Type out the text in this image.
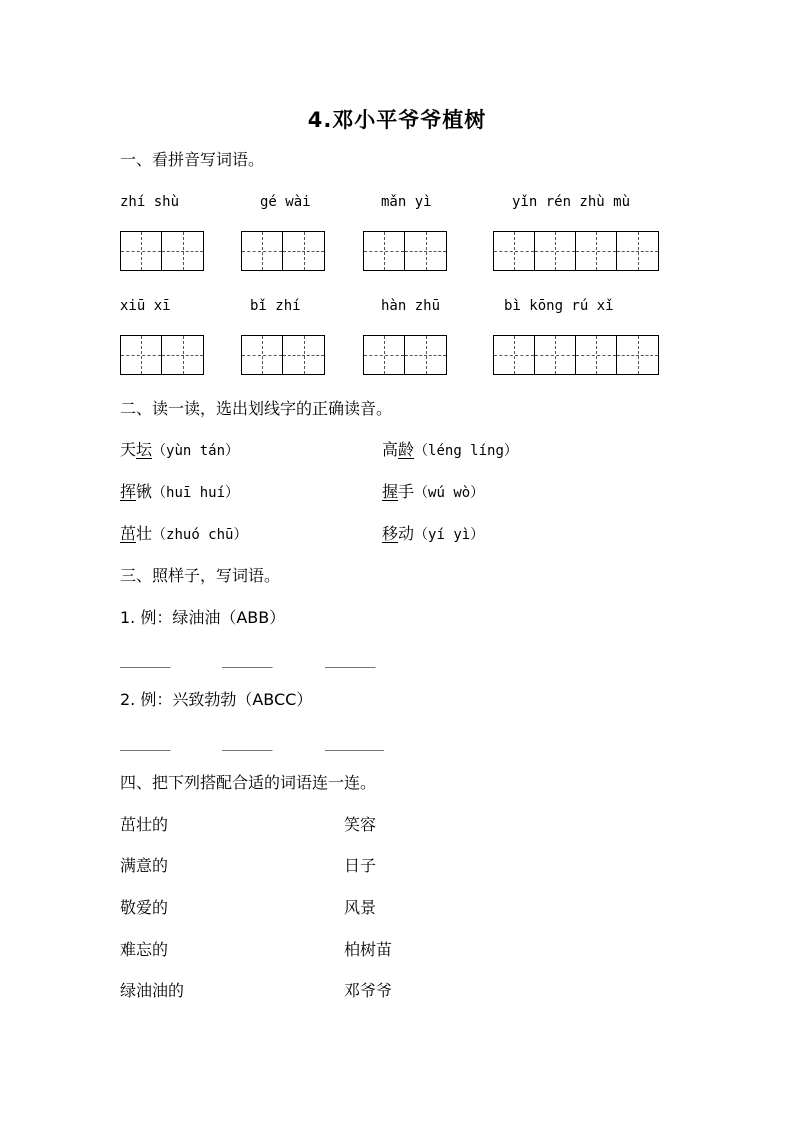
4.邓小平爷爷植树
一、看拼音写词语。
zhí shù	gé wài	mǎn yì	yǐn rén zhù mù
xiū xī	bǐ zhí	hàn zhū	bì kōng rú xǐ
二、读一读，选出划线字的正确读音。
天坛（yùn tán）	高龄（léng líng）
挥锹（huī huí）	握手（wú wò）
茁壮（zhuó chū）	移动（yí yì）
三、照样子，写词语。
1. 例：绿油油（ABB）
______	______	______
2. 例：兴致勃勃（ABCC）
______	______	_______
四、把下列搭配合适的词语连一连。
茁壮的	笑容
满意的	日子
敬爱的	风景
难忘的	柏树苗
绿油油的	邓爷爷
